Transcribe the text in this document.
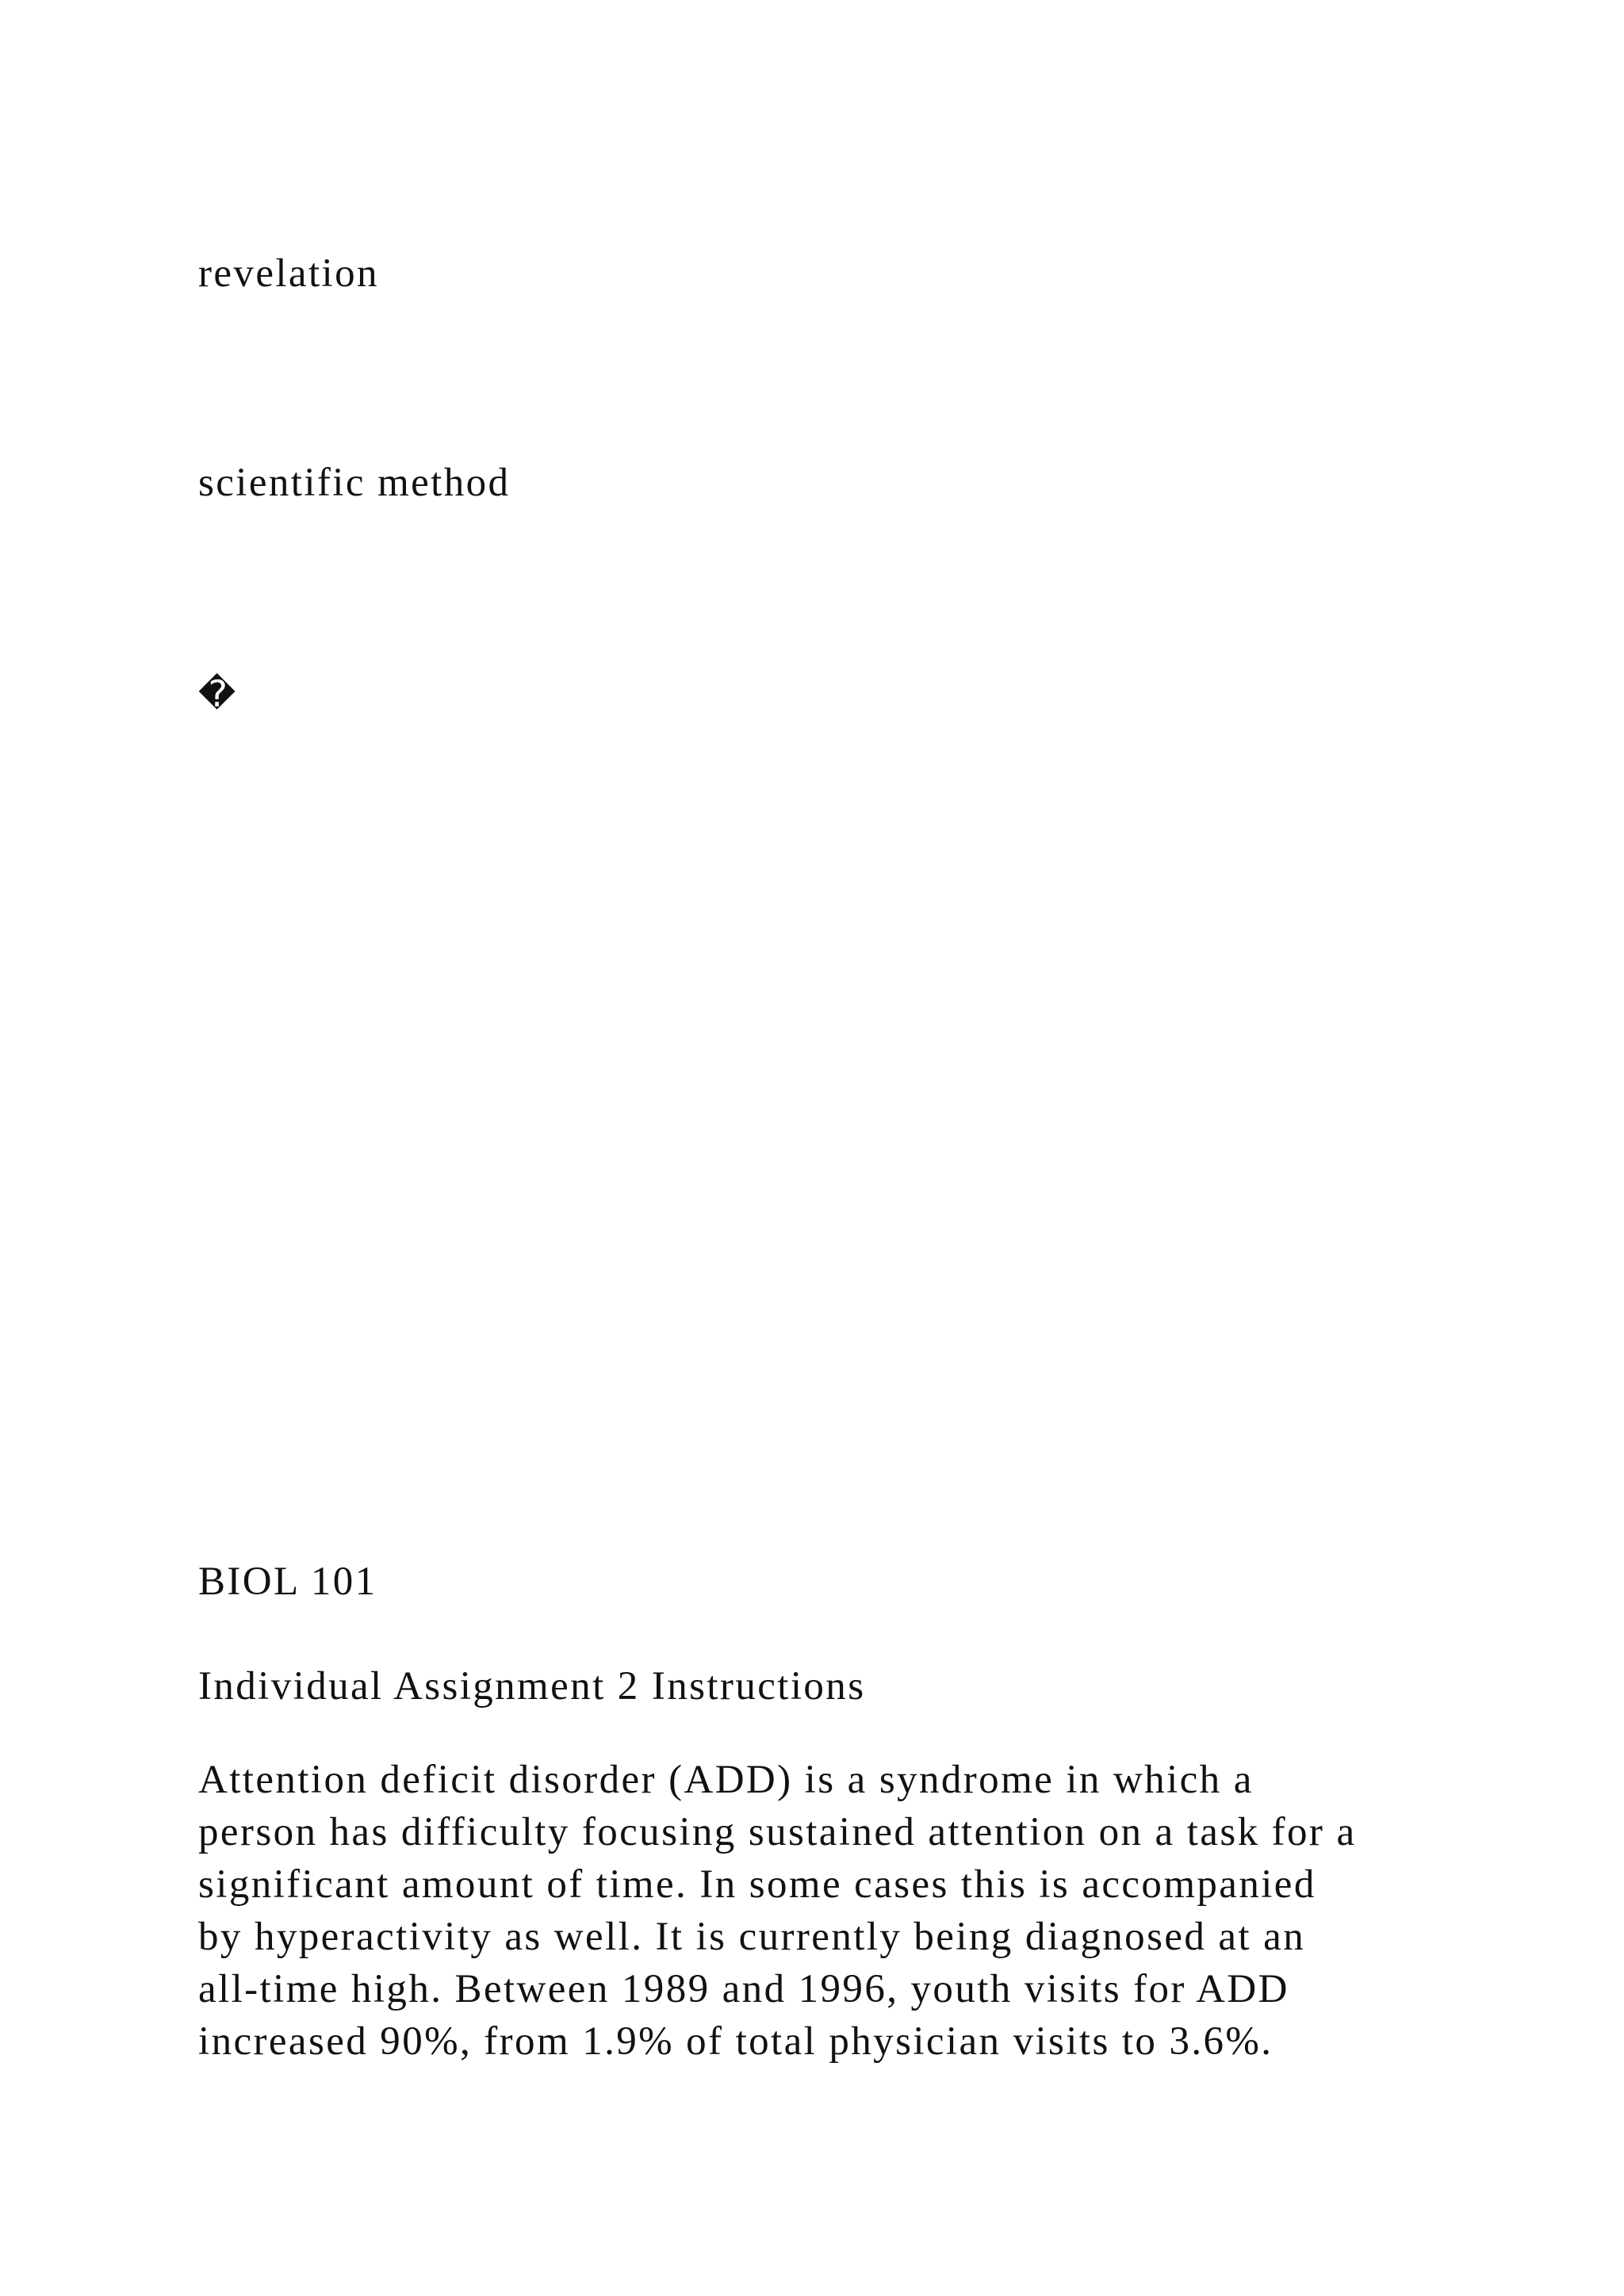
revelation

scientific method

�

BIOL 101

Individual Assignment 2 Instructions

Attention deficit disorder (ADD) is a syndrome in which a
person has difficulty focusing sustained attention on a task for a
significant amount of time. In some cases this is accompanied
by hyperactivity as well. It is currently being diagnosed at an
all-time high. Between 1989 and 1996, youth visits for ADD
increased 90%, from 1.9% of total physician visits to 3.6%.
